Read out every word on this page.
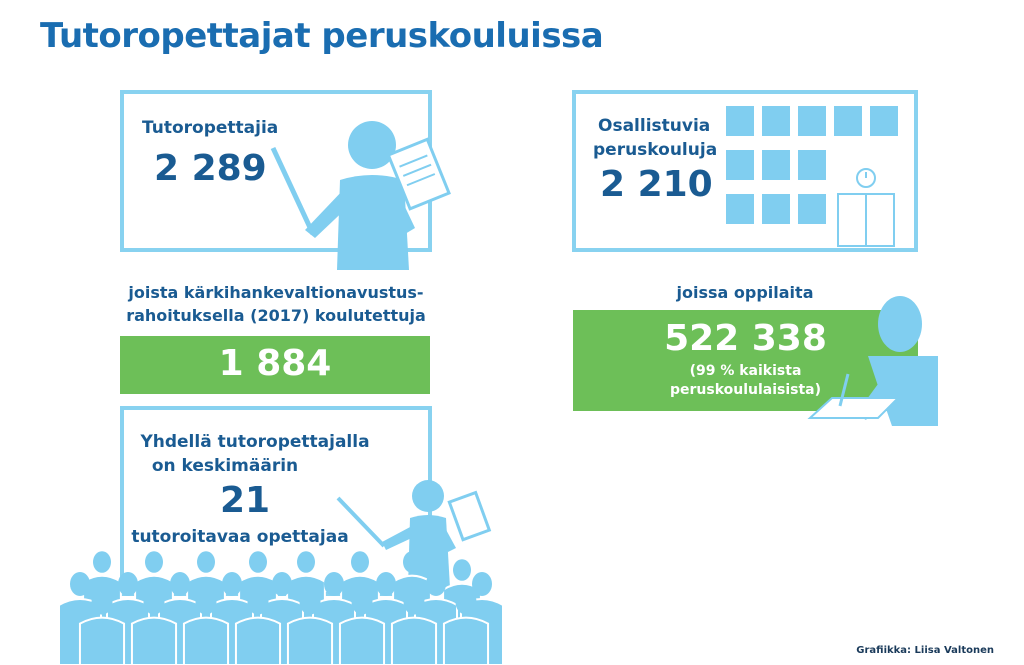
Tutoropettajat peruskouluissa
Tutoropettajia
2 289
Osallistuvia
peruskouluja
2 210
joista kärkihankevaltionavustus-
rahoituksella (2017) koulutettuja
1 884
joissa oppilaita
522 338
(99 % kaikista
peruskoululaisista)
Yhdellä tutoropettajalla
on keskimäärin
21
tutoroitavaa opettajaa
Grafiikka: Liisa Valtonen
